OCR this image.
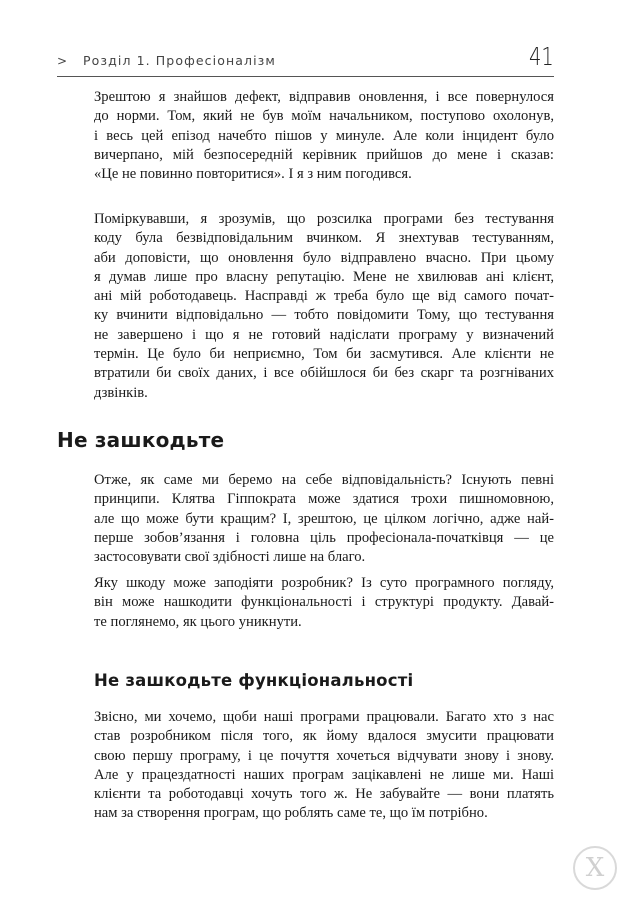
> Розділ 1. Професіоналізм	41

Зрештою я знайшов дефект, відправив оновлення, і все повернулося
до норми. Том, який не був моїм начальником, поступово охолонув,
і весь цей епізод начебто пішов у минуле. Але коли інцидент було
вичерпано, мій безпосередній керівник прийшов до мене і сказав:
«Це не повинно повторитися». І я з ним погодився.

Поміркувавши, я зрозумів, що розсилка програми без тестування
коду була безвідповідальним вчинком. Я знехтував тестуванням,
аби доповісти, що оновлення було відправлено вчасно. При цьому
я думав лише про власну репутацію. Мене не хвилював ані клієнт,
ані мій роботодавець. Насправді ж треба було ще від самого почат-
ку вчинити відповідально — тобто повідомити Тому, що тестування
не завершено і що я не готовий надіслати програму у визначений
термін. Це було би неприємно, Том би засмутився. Але клієнти не
втратили би своїх даних, і все обійшлося би без скарг та розгніваних
дзвінків.

Не зашкодьте

Отже, як саме ми беремо на себе відповідальність? Існують певні
принципи. Клятва Гіппократа може здатися трохи пишномовною,
але що може бути кращим? І, зрештою, це цілком логічно, адже най-
перше зобов’язання і головна ціль професіонала-початківця — це
застосовувати свої здібності лише на благо.

Яку шкоду може заподіяти розробник? Із суто програмного погляду,
він може нашкодити функціональності і структурі продукту. Давай-
те поглянемо, як цього уникнути.

Не зашкодьте функціональності

Звісно, ми хочемо, щоби наші програми працювали. Багато хто з нас
став розробником після того, як йому вдалося змусити працювати
свою першу програму, і це почуття хочеться відчувати знову і знову.
Але у працездатності наших програм зацікавлені не лише ми. Наші
клієнти та роботодавці хочуть того ж. Не забувайте — вони платять
нам за створення програм, що роблять саме те, що їм потрібно.

Х
